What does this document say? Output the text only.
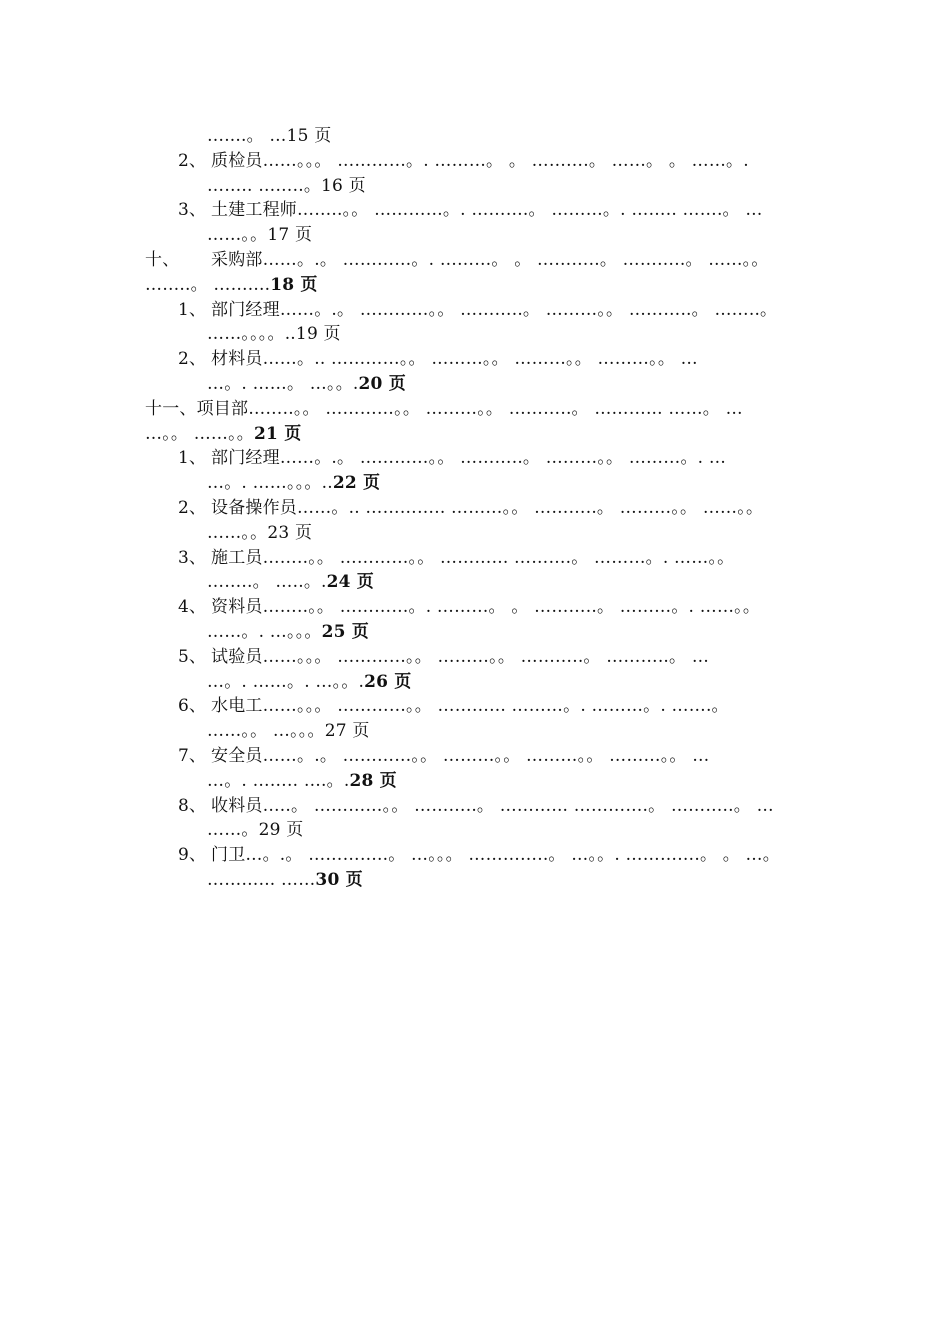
…....。 …15 页
2、 质检员……。。。 …………。. ………。 。 ……….。 ……。 。 ……。.
…….. ……..。16 页
3、 土建工程师……..。。 …………。. ……….。 ………。. …….. …….。 …
……。。17 页
十、 采购部……。.。 …………。. ………。 。 ………..。 ………..。 ……。。
……..。 ……....18 页
1、 部门经理……。.。 …………。。 ………..。 ………。。 ………..。 ……..。
……。。。。..19 页
2、 材料员……。.. …………。。 ………。。 ………。。 ………。。 …
…。. ……。 …。。.20 页
十一、项目部……..。。 …………。。 ………。。 ………..。 ………... ……。 …
…。。 ……。。21 页
1、 部门经理……。.。 …………。。 ………..。 ………。。 ………。. …
…。. ……。。。..22 页
2、 设备操作员……。.. ………….. ………。。 ………..。 ………。。 ……。。
……。。23 页
3、 施工员……..。。 …………。。 ………... ……….。 ………。. ……。。
……..。 …..。.24 页
4、 资料员……..。。 …………。. ………。 。 ………..。 ………。. ……。。
……。. …。。。25 页
5、 试验员……。。。 …………。。 ………。。 ………..。 ………..。 …
…。. ……。. …。。.26 页
6、 水电工……。。。 …………。。 ………... ………。. ………。. …….。
……。。 …。。。27 页
7、 安全员……。.。 …………。。 ………。。 ………。。 ………。。 …
…。. …….. ….。.28 页
8、 收料员…..。 …………。。 ………..。 ………... ………….。 ………..。 …
……。29 页
9、 门卫…。.。 …………..。 …。。。 …………..。 …。。. ………….。 。 …。
………... ……30 页
